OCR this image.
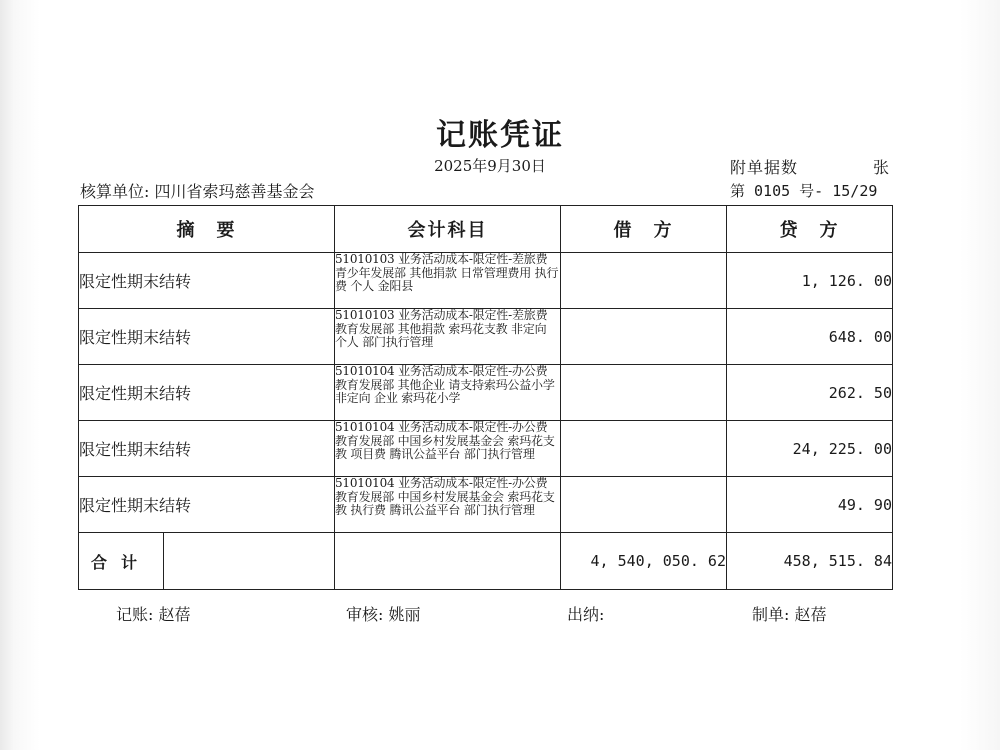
记账凭证
2025年9月30日	附单据数	张
核算单位: 四川省索玛慈善基金会	第 0105 号- 15/29
摘　要	会计科目	借　方	贷　方
限定性期末结转	51010103 业务活动成本-限定性-差旅费 青少年发展部 其他捐款 日常管理费用 执行费 个人 金阳县		1, 126. 00
限定性期末结转	51010103 业务活动成本-限定性-差旅费 教育发展部 其他捐款 索玛花支教 非定向 个人 部门执行管理		648. 00
限定性期末结转	51010104 业务活动成本-限定性-办公费 教育发展部 其他企业 请支持索玛公益小学 非定向 企业 索玛花小学		262. 50
限定性期末结转	51010104 业务活动成本-限定性-办公费 教育发展部 中国乡村发展基金会 索玛花支教 项目费 腾讯公益平台 部门执行管理		24, 225. 00
限定性期末结转	51010104 业务活动成本-限定性-办公费 教育发展部 中国乡村发展基金会 索玛花支教 执行费 腾讯公益平台 部门执行管理		49. 90

合计		4, 540, 050. 62	458, 515. 84
记账: 赵蓓	审核: 姚丽	出纳:	制单: 赵蓓
